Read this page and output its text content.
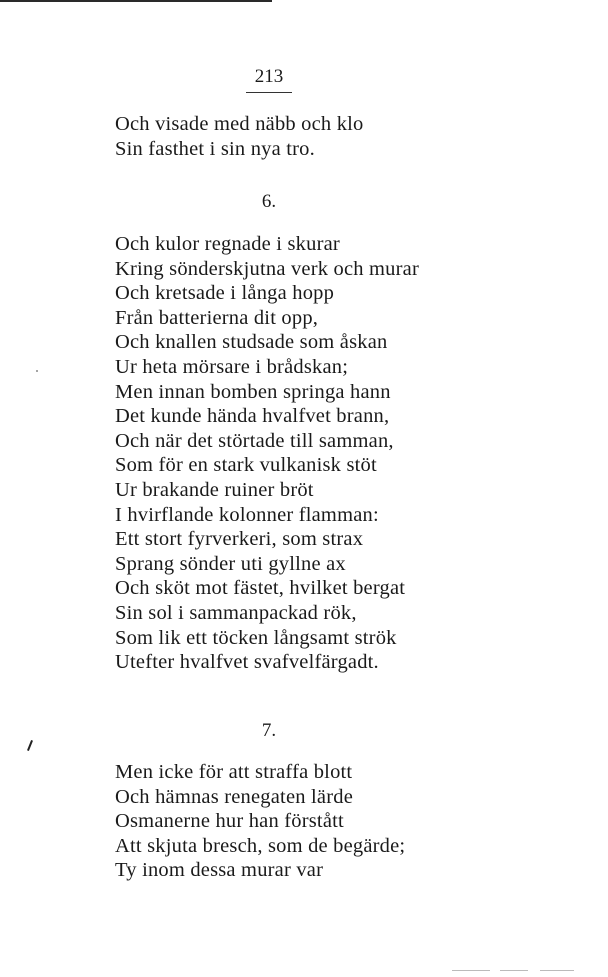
213
Och visade med näbb och klo
Sin fasthet i sin nya tro.
6.
Och kulor regnade i skurar
Kring sönderskjutna verk och murar
Och kretsade i långa hopp
Från batterierna dit opp,
Och knallen studsade som åskan
Ur heta mörsare i brådskan;
Men innan bomben springa hann
Det kunde hända hvalfvet brann,
Och när det störtade till samman,
Som för en stark vulkanisk stöt
Ur brakande ruiner bröt
I hvirflande kolonner flamman:
Ett stort fyrverkeri, som strax
Sprang sönder uti gyllne ax
Och sköt mot fästet, hvilket bergat
Sin sol i sammanpackad rök,
Som lik ett töcken långsamt strök
Utefter hvalfvet svafvelfärgadt.
7.
Men icke för att straffa blott
Och hämnas renegaten lärde
Osmanerne hur han förstått
Att skjuta bresch, som de begärde;
Ty inom dessa murar var
